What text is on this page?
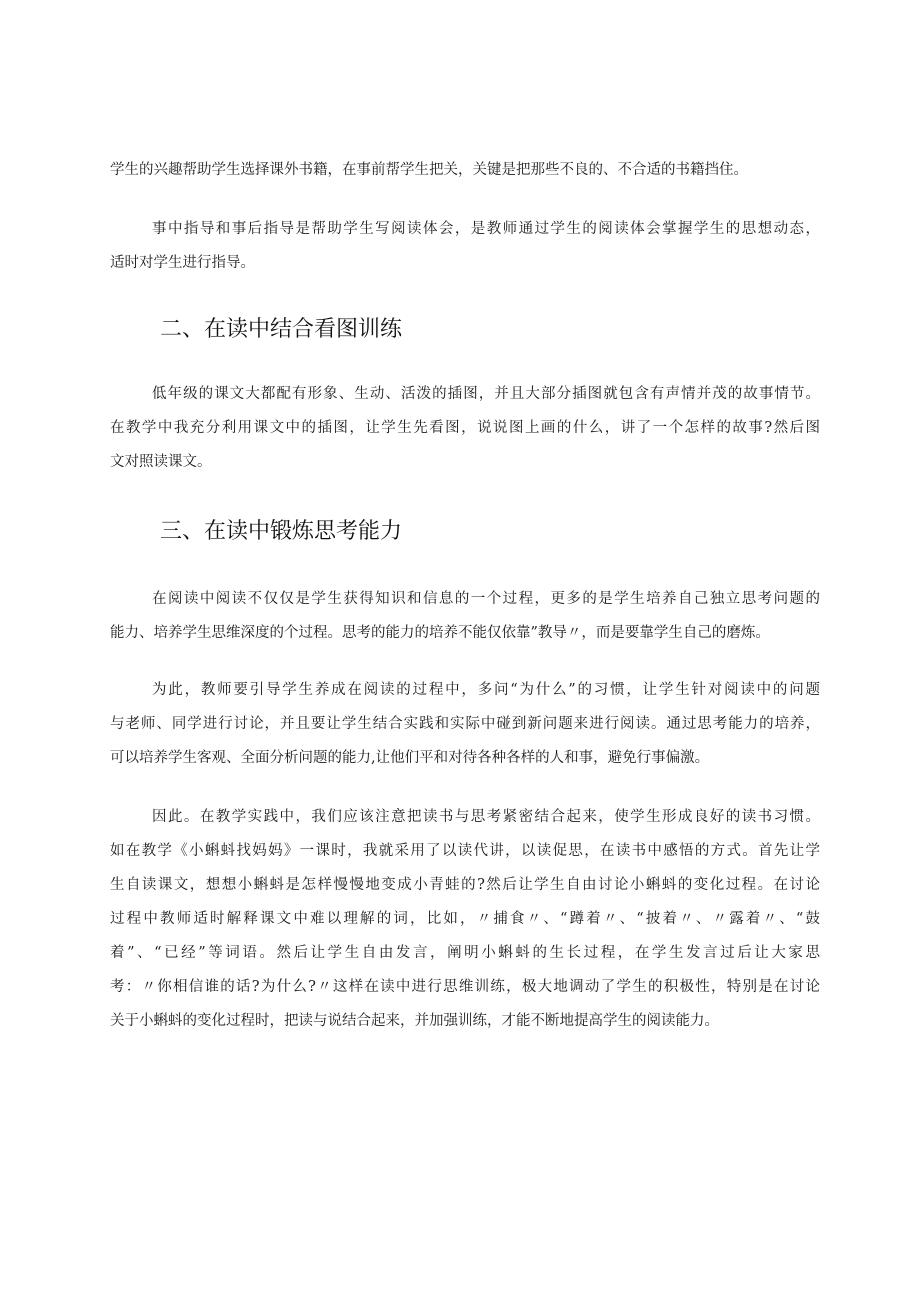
学生的兴趣帮助学生选择课外书籍，在事前帮学生把关，关键是把那些不良的、不合适的书籍挡住。
事中指导和事后指导是帮助学生写阅读体会，是教师通过学生的阅读体会掌握学生的思想动态，
适时对学生进行指导。
二、在读中结合看图训练
低年级的课文大都配有形象、生动、活泼的插图，并且大部分插图就包含有声情并茂的故事情节。
在教学中我充分利用课文中的插图，让学生先看图，说说图上画的什么，讲了一个怎样的故事?然后图
文对照读课文。
三、在读中锻炼思考能力
在阅读中阅读不仅仅是学生获得知识和信息的一个过程，更多的是学生培养自己独立思考问题的
能力、培养学生思维深度的个过程。思考的能力的培养不能仅依靠”教导〃，而是要靠学生自己的磨炼。
为此，教师要引导学生养成在阅读的过程中，多问“为什么”的习惯，让学生针对阅读中的问题
与老师、同学进行讨论，并且要让学生结合实践和实际中碰到新问题来进行阅读。通过思考能力的培养，
可以培养学生客观、全面分析问题的能力,让他们平和对待各种各样的人和事，避免行事偏激。
因此。在教学实践中，我们应该注意把读书与思考紧密结合起来，使学生形成良好的读书习惯。
如在教学《小蝌蚪找妈妈》一课时，我就采用了以读代讲，以读促思，在读书中感悟的方式。首先让学
生自读课文，想想小蝌蚪是怎样慢慢地变成小青蛙的?然后让学生自由讨论小蝌蚪的变化过程。在讨论
过程中教师适时解释课文中难以理解的词，比如，〃捕食〃、“蹲着〃、“披着〃、〃露着〃、“鼓
着”、“已经”等词语。然后让学生自由发言，阐明小蝌蚪的生长过程，在学生发言过后让大家思
考：〃你相信谁的话?为什么?〃这样在读中进行思维训练，极大地调动了学生的积极性，特别是在讨论
关于小蝌蚪的变化过程时，把读与说结合起来，并加强训练，才能不断地提高学生的阅读能力。
